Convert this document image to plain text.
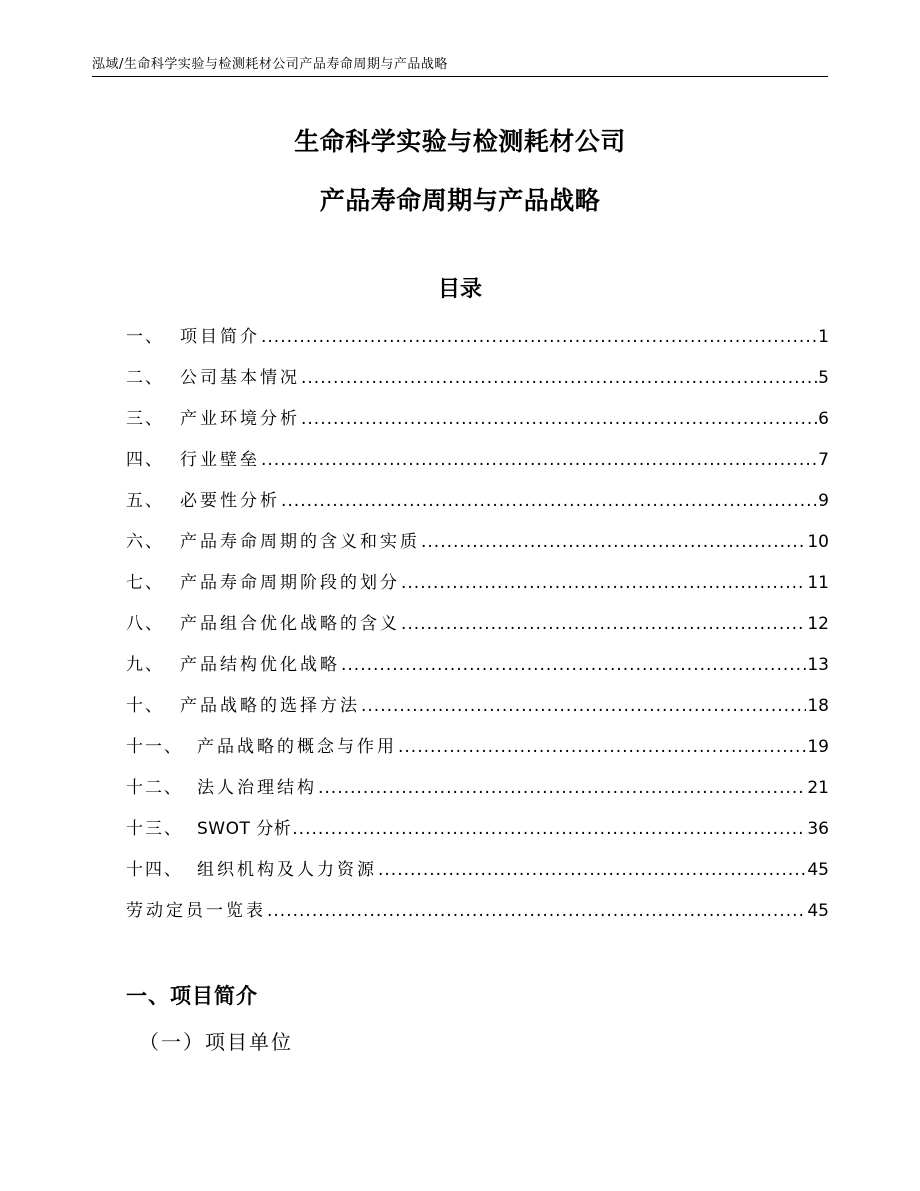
泓域/生命科学实验与检测耗材公司产品寿命周期与产品战略
生命科学实验与检测耗材公司
产品寿命周期与产品战略
目录
一、 项目简介 .....	1
二、 公司基本情况 .....	5
三、 产业环境分析 .....	6
四、 行业壁垒 .....	7
五、 必要性分析 .....	9
六、 产品寿命周期的含义和实质 .....	10
七、 产品寿命周期阶段的划分 .....	11
八、 产品组合优化战略的含义 .....	12
九、 产品结构优化战略 .....	13
十、 产品战略的选择方法 .....	18
十一、 产品战略的概念与作用 .....	19
十二、 法人治理结构 .....	21
十三、 SWOT 分析 .....	36
十四、 组织机构及人力资源 .....	45
劳动定员一览表 .....	45
一、项目简介
（一）项目单位
